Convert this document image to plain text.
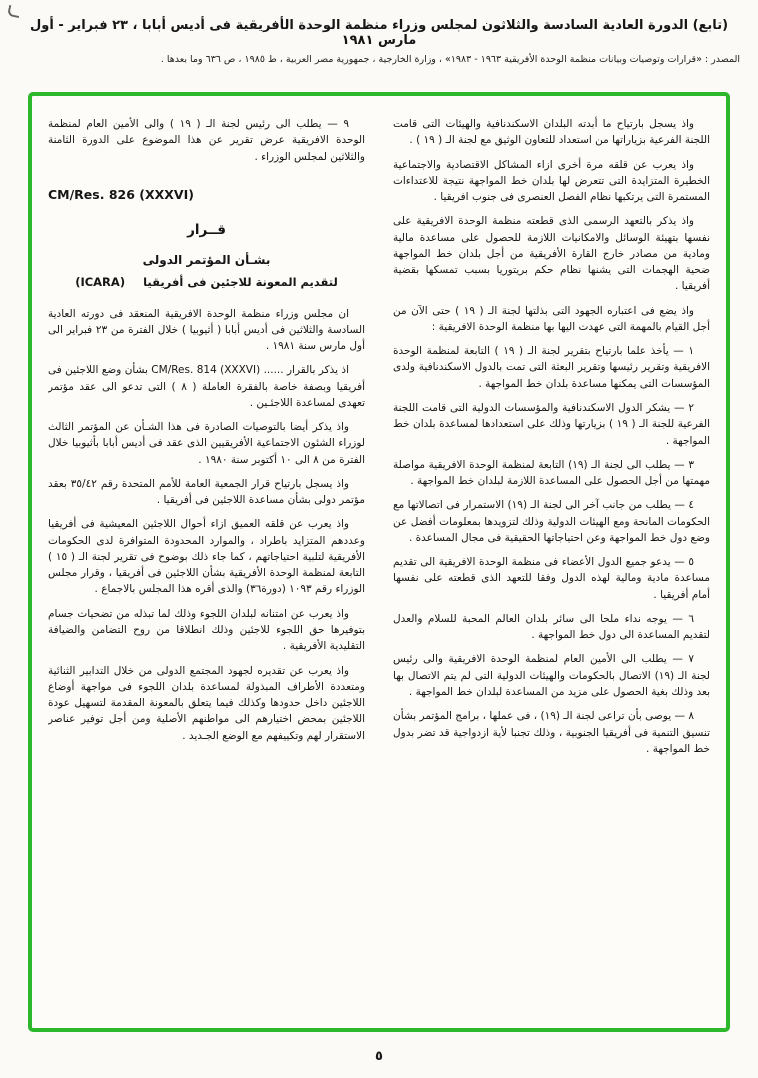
(تابع) الدورة العادية السادسة والثلاثون لمجلس وزراء منظمة الوحدة الأفريقية فى أديس أبابا ، ٢٣ فبراير - أول مارس ١٩٨١
المصدر : «قرارات وتوصيات وبيانات منظمة الوحدة الأفريقية ١٩٦٣ - ١٩٨٣» ، وزارة الخارجية ، جمهورية مصر العربية ، ط ١٩٨٥ ، ص ٦٣٦ وما بعدها .

واذ يسجل بارتياح ما أبدته البلدان الاسكندنافية والهيئات التى قامت اللجنة الفرعية بزياراتها من استعداد للتعاون الوثيق مع لجنة الـ ( ١٩ ) .

واذ يعرب عن قلقه مرة أخرى ازاء المشاكل الاقتصادية والاجتماعية الخطيرة المتزايدة التى تتعرض لها بلدان خط المواجهة نتيجة للاعتداءات المستمرة التى يرتكبها نظام الفصل العنصرى فى جنوب افريقيا .

واذ يذكر بالتعهد الرسمى الذى قطعته منظمة الوحدة الافريقية على نفسها بتهيئة الوسائل والامكانيات اللازمة للحصول على مساعدة مالية ومادية من مصادر خارج القارة الأفريقية من أجل بلدان خط المواجهة ضحية الهجمات التى يشنها نظام حكم بريتوريا بسبب تمسكها بقضية أفريقيا .

واذ يضع فى اعتباره الجهود التى بذلتها لجنة الـ ( ١٩ ) حتى الآن من أجل القيام بالمهمة التى عهدت اليها بها منظمة الوحدة الافريقية :

١ — يأخذ علما بارتياح بتقرير لجنة الـ ( ١٩ ) التابعة لمنظمة الوحدة الافريقية وتقرير رئيسها وتقرير البعثة التى تمت بالدول الاسكندنافية ولدى المؤسسات التى يمكنها مساعدة بلدان خط المواجهة .

٢ — يشكر الدول الاسكندنافية والمؤسسات الدولية التى قامت اللجنة الفرعية للجنة الـ ( ١٩ ) بزيارتها وذلك على استعدادها لمساعدة بلدان خط المواجهة .

٣ — يطلب الى لجنة الـ (١٩) التابعة لمنظمة الوحدة الافريقية مواصلة مهمتها من أجل الحصول على المساعدة اللازمة لبلدان خط المواجهة .

٤ — يطلب من جانب آخر الى لجنة الـ (١٩) الاستمرار فى اتصالاتها مع الحكومات المانحة ومع الهيئات الدولية وذلك لتزويدها بمعلومات أفضل عن وضع دول خط المواجهة وعن احتياجاتها الحقيقية فى مجال المساعدة .

٥ — يدعو جميع الدول الأعضاء فى منظمة الوحدة الافريقية الى تقديم مساعدة مادية ومالية لهذه الدول وفقا للتعهد الذى قطعته على نفسها أمام أفريقيا .

٦ — يوجه نداء ملحا الى سائر بلدان العالم المحبة للسلام والعدل لتقديم المساعدة الى دول خط المواجهة .

٧ — يطلب الى الأمين العام لمنظمة الوحدة الافريقية والى رئيس لجنة الـ (١٩) الاتصال بالحكومات والهيئات الدولية التى لم يتم الاتصال بها بعد وذلك بغية الحصول على مزيد من المساعدة لبلدان خط المواجهة .

٨ — يوصى بأن تراعى لجنة الـ (١٩) ، فى عملها ، برامج المؤتمر بشأن تنسيق التنمية فى أفريقيا الجنوبية ، وذلك تجنبا لأية ازدواجية قد تضر بدول خط المواجهة .

٩ — يطلب الى رئيس لجنة الـ ( ١٩ ) والى الأمين العام لمنظمة الوحدة الافريقية عرض تقرير عن هذا الموضوع على الدورة الثامنة والثلاثين لمجلس الوزراء .

CM/Res. 826 (XXXVI)
قــرار
بشـأن المؤتمر الدولى
لتقديم المعونة للاجئين فى أفريقيا
(ICARA)

ان مجلس وزراء منظمة الوحدة الافريقية المنعقد فى دورته العادية السادسة والثلاثين فى أديس أبابا ( أثيوبيا ) خلال الفترة من ٢٣ فبراير الى أول مارس سنة ١٩٨١ .

اذ يذكر بالقرار ...... CM/Res. 814 (XXXVI) بشأن وضع اللاجئين فى أفريقيا وبصفة خاصة بالفقرة العاملة ( ٨ ) التى تدعو الى عقد مؤتمر تعهدى لمساعدة اللاجئـين .

واذ يذكر أيضا بالتوصيات الصادرة فى هذا الشـأن عن المؤتمر الثالث لوزراء الشئون الاجتماعية الأفريقيين الذى عقد فى أديس أبابا بأثيوبيا خلال الفترة من ٨ الى ١٠ أكتوبر سنة ١٩٨٠ .

واذ يسجل بارتياح قرار الجمعية العامة للأمم المتحدة رقم ٣٥/٤٢ بعقد مؤتمر دولى بشأن مساعدة اللاجئين فى أفريقيا .

واذ يعرب عن قلقه العميق ازاء أحوال اللاجئين المعيشية فى أفريقيا وعددهم المتزايد باطراد ، والموارد المحدودة المتوافرة لدى الحكومات الأفريقية لتلبية احتياجاتهم ، كما جاء ذلك بوضوح فى تقرير لجنة الـ ( ١٥ ) التابعة لمنظمة الوحدة الأفريقية بشأن اللاجئين فى أفريقيا ، وقرار مجلس الوزراء رقم ١٠٩٣ (دورة٣٦) والذى أقره هذا المجلس بالاجماع .

واذ يعرب عن امتنانه لبلدان اللجوء وذلك لما تبذله من تضحيات جسام بتوفيرها حق اللجوء للاجئين وذلك انطلاقا من روح التضامن والضيافة التقليدية الأفريقية .

واذ يعرب عن تقديره لجهود المجتمع الدولى من خلال التدابير الثنائية ومتعددة الأطراف المبذولة لمساعدة بلدان اللجوء فى مواجهة أوضاع اللاجئين داخل حدودها وكذلك فيما يتعلق بالمعونة المقدمة لتسهيل عودة اللاجئين بمحض اختيارهم الى مواطنهم الأصلية ومن أجل توفير عناصر الاستقرار لهم وتكييفهم مع الوضع الجـديد .

٥
